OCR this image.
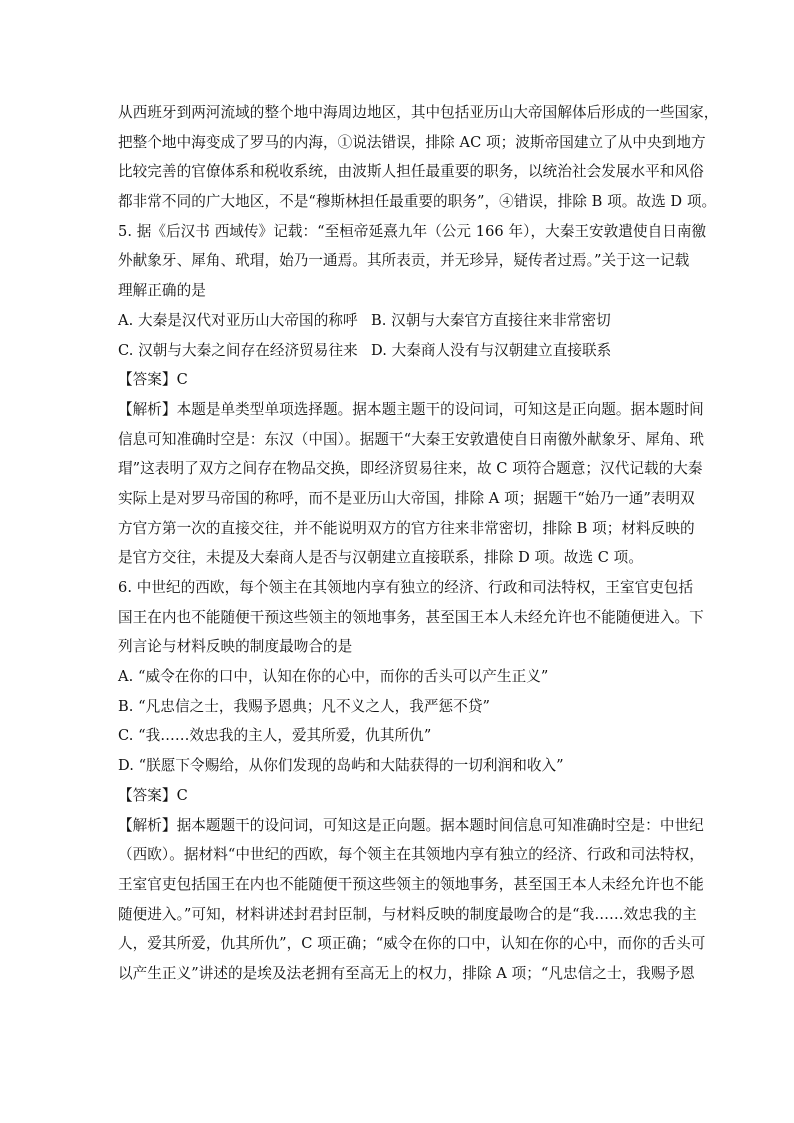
从西班牙到两河流域的整个地中海周边地区，其中包括亚历山大帝国解体后形成的一些国家，
把整个地中海变成了罗马的内海，①说法错误，排除 AC 项；波斯帝国建立了从中央到地方
比较完善的官僚体系和税收系统，由波斯人担任最重要的职务，以统治社会发展水平和风俗
都非常不同的广大地区，不是“穆斯林担任最重要的职务”，④错误，排除 B 项。故选 D 项。
5. 据《后汉书 西域传》记载：“至桓帝延熹九年（公元 166 年），大秦王安敦遣使自日南徼
外献象牙、犀角、玳瑁，始乃一通焉。其所表贡，并无珍异，疑传者过焉。”关于这一记载
理解正确的是
A. 大秦是汉代对亚历山大帝国的称呼 B. 汉朝与大秦官方直接往来非常密切
C. 汉朝与大秦之间存在经济贸易往来 D. 大秦商人没有与汉朝建立直接联系
【答案】C
【解析】本题是单类型单项选择题。据本题主题干的设问词，可知这是正向题。据本题时间
信息可知准确时空是：东汉（中国）。据题干“大秦王安敦遣使自日南徼外献象牙、犀角、玳
瑁”这表明了双方之间存在物品交换，即经济贸易往来，故 C 项符合题意；汉代记载的大秦
实际上是对罗马帝国的称呼，而不是亚历山大帝国，排除 A 项；据题干“始乃一通”表明双
方官方第一次的直接交往，并不能说明双方的官方往来非常密切，排除 B 项；材料反映的
是官方交往，未提及大秦商人是否与汉朝建立直接联系，排除 D 项。故选 C 项。
6. 中世纪的西欧，每个领主在其领地内享有独立的经济、行政和司法特权，王室官吏包括
国王在内也不能随便干预这些领主的领地事务，甚至国王本人未经允许也不能随便进入。下
列言论与材料反映的制度最吻合的是
A. “威令在你的口中，认知在你的心中，而你的舌头可以产生正义”
B. “凡忠信之士，我赐予恩典；凡不义之人，我严惩不贷”
C. “我……效忠我的主人，爱其所爱，仇其所仇”
D. “朕愿下令赐给，从你们发现的岛屿和大陆获得的一切利润和收入”
【答案】C
【解析】据本题题干的设问词，可知这是正向题。据本题时间信息可知准确时空是：中世纪
（西欧）。据材料“中世纪的西欧，每个领主在其领地内享有独立的经济、行政和司法特权，
王室官吏包括国王在内也不能随便干预这些领主的领地事务，甚至国王本人未经允许也不能
随便进入。”可知，材料讲述封君封臣制，与材料反映的制度最吻合的是“我……效忠我的主
人，爱其所爱，仇其所仇”，C 项正确；“威令在你的口中，认知在你的心中，而你的舌头可
以产生正义”讲述的是埃及法老拥有至高无上的权力，排除 A 项；“凡忠信之士，我赐予恩
